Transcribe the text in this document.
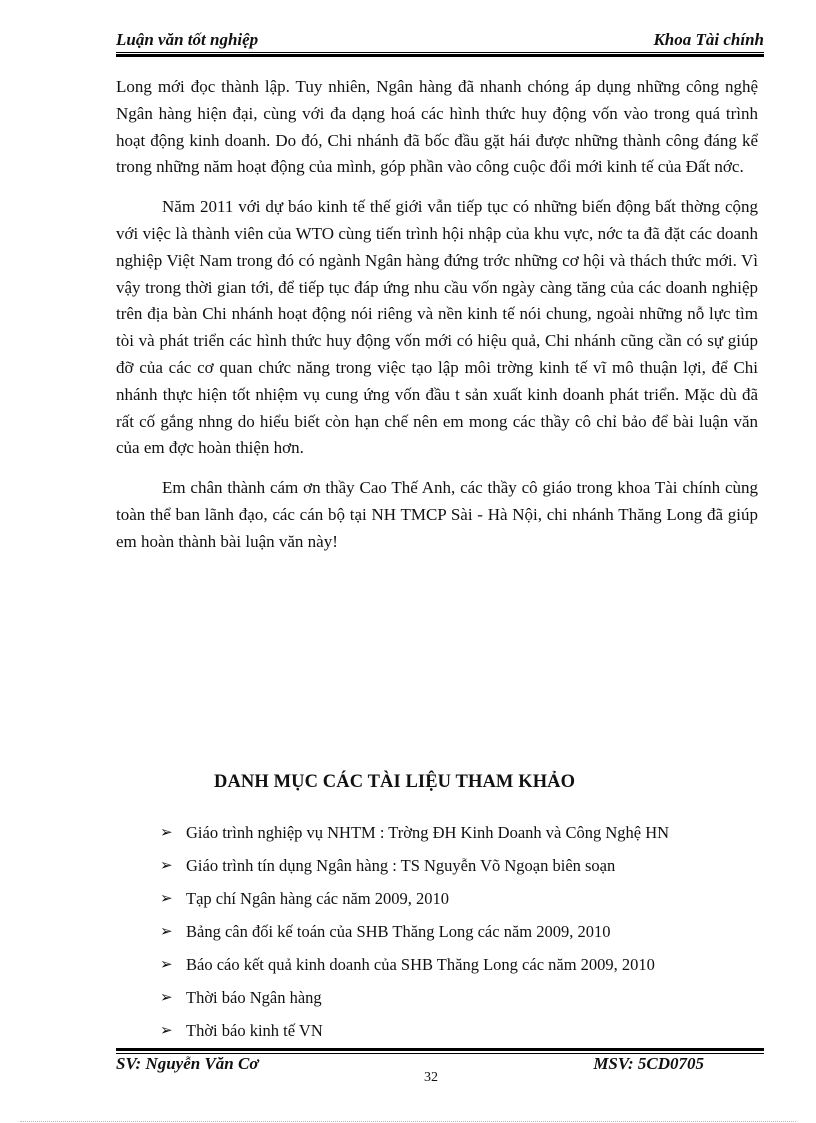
Luận văn tốt nghiệp	Khoa Tài chính

Long mới đọc thành lập. Tuy nhiên, Ngân hàng đã nhanh chóng áp dụng những công nghệ Ngân hàng hiện đại, cùng với đa dạng hoá các hình thức huy động vốn vào trong quá trình hoạt động kinh doanh. Do đó, Chi nhánh đã bốc đầu gặt hái được những thành công đáng kể trong những năm hoạt động của mình, góp phần vào công cuộc đổi mới kinh tế của Đất nớc.

Năm 2011 với dự báo kinh tế thế giới vẫn tiếp tục có những biến động bất thờng cộng với việc là thành viên của WTO cùng tiến trình hội nhập của khu vực, nớc ta đã đặt các doanh nghiệp Việt Nam trong đó có ngành Ngân hàng đứng trớc những cơ hội và thách thức mới. Vì vậy trong thời gian tới, để tiếp tục đáp ứng nhu cầu vốn ngày càng tăng của các doanh nghiệp trên địa bàn Chi nhánh hoạt động nói riêng và nền kinh tế nói chung, ngoài những nỗ lực tìm tòi và phát triển các hình thức huy động vốn mới có hiệu quả, Chi nhánh cũng cần có sự giúp đỡ của các cơ quan chức năng trong việc tạo lập môi trờng kinh tế vĩ mô thuận lợi, để Chi nhánh thực hiện tốt nhiệm vụ cung ứng vốn đầu t sản xuất kinh doanh phát triển. Mặc dù đã rất cố gắng nhng do hiểu biết còn hạn chế nên em mong các thầy cô chỉ bảo để bài luận văn của em đợc hoàn thiện hơn.

Em chân thành cám ơn thầy Cao Thế Anh, các thầy cô giáo trong khoa Tài chính cùng toàn thể ban lãnh đạo, các cán bộ tại NH TMCP Sài - Hà Nội, chi nhánh Thăng Long đã giúp em hoàn thành bài luận văn này!

DANH MỤC CÁC TÀI LIỆU THAM KHẢO
➢ Giáo trình nghiệp vụ NHTM : Trờng ĐH Kinh Doanh và Công Nghệ HN
➢ Giáo trình tín dụng Ngân hàng : TS Nguyễn Võ Ngoạn biên soạn
➢ Tạp chí Ngân hàng các năm 2009, 2010
➢ Bảng cân đối kế toán của SHB Thăng Long các năm 2009, 2010
➢ Báo cáo kết quả kinh doanh của SHB Thăng Long các năm 2009, 2010
➢ Thời báo Ngân hàng
➢ Thời báo kinh tế VN
SV: Nguyễn Văn Cơ	MSV: 5CD0705
32
